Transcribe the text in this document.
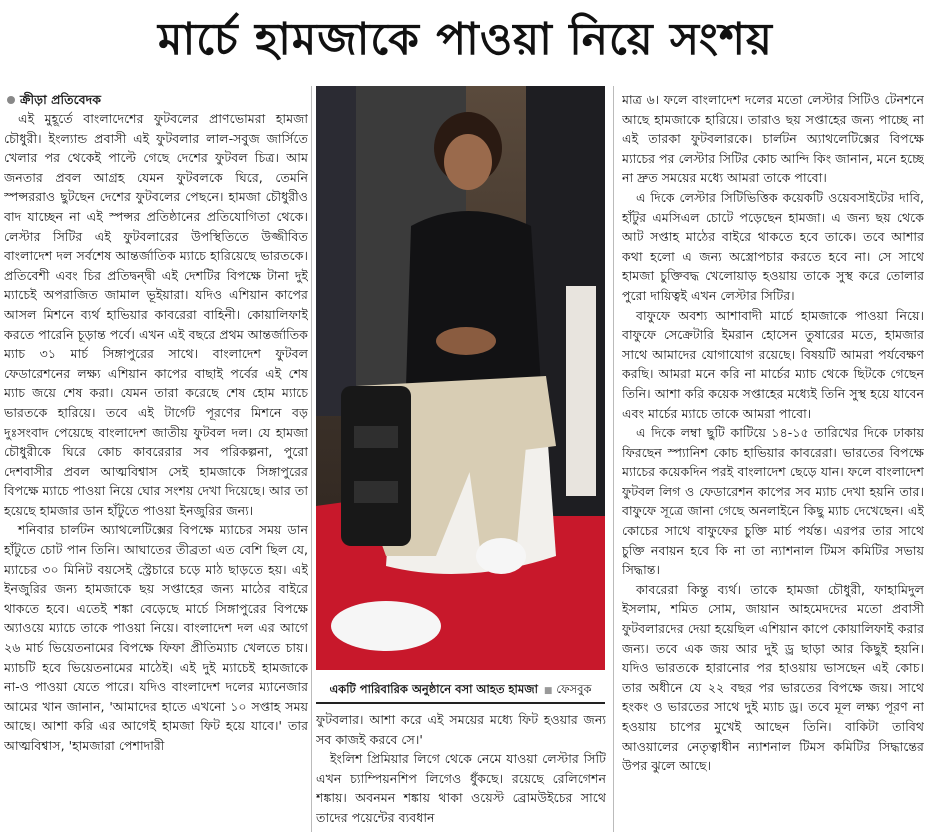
মার্চে হামজাকে পাওয়া নিয়ে সংশয়
ক্রীড়া প্রতিবেদক

এই মুহূর্তে বাংলাদেশের ফুটবলের প্রাণভোমরা হামজা চৌধুরী। ইংল্যান্ড প্রবাসী এই ফুটবলার লাল-সবুজ জার্সিতে খেলার পর থেকেই পাল্টে গেছে দেশের ফুটবল চিত্র। আম জনতার প্রবল আগ্রহ যেমন ফুটবলকে ঘিরে, তেমনি স্পন্সররাও ছুটছেন দেশের ফুটবলের পেছনে। হামজা চৌধুরীও বাদ যাচ্ছেন না এই স্পন্সর প্রতিষ্ঠানের প্রতিযোগিতা থেকে। লেস্টার সিটির এই ফুটবলারের উপস্থিতিতে উজ্জীবিত বাংলাদেশ দল সর্বশেষ আন্তর্জাতিক ম্যাচে হারিয়েছে ভারতকে। প্রতিবেশী এবং চির প্রতিদ্বন্দ্বী এই দেশটির বিপক্ষে টানা দুই ম্যাচেই অপরাজিত জামাল ভূইয়ারা। যদিও এশিয়ান কাপের আসল মিশনে ব্যর্থ হাভিয়ার কাবরেরা বাহিনী। কোয়ালিফাই করতে পারেনি চূড়ান্ত পর্বে। এখন এই বছরে প্রথম আন্তর্জাতিক ম্যাচ ৩১ মার্চ সিঙ্গাপুরের সাথে। বাংলাদেশ ফুটবল ফেডারেশনের লক্ষ্য এশিয়ান কাপের বাছাই পর্বের এই শেষ ম্যাচ জয়ে শেষ করা। যেমন তারা করেছে শেষ হোম ম্যাচে ভারতকে হারিয়ে। তবে এই টার্গেট পূরণের মিশনে বড় দুঃসংবাদ পেয়েছে বাংলাদেশ জাতীয় ফুটবল দল। যে হামজা চৌধুরীকে ঘিরে কোচ কাবরেরার সব পরিকল্পনা, পুরো দেশবাসীর প্রবল আত্মবিশ্বাস সেই হামজাকে সিঙ্গাপুরের বিপক্ষে ম্যাচে পাওয়া নিয়ে ঘোর সংশয় দেখা দিয়েছে। আর তা হয়েছে হামজার ডান হাঁটুতে পাওয়া ইনজুরির জন্য।

শনিবার চার্লটন অ্যাথলেটিক্সের বিপক্ষে ম্যাচের সময় ডান হাঁটুতে চোট পান তিনি। আঘাতের তীব্রতা এত বেশি ছিল যে, ম্যাচের ৩০ মিনিট বয়সেই স্ট্রেচারে চড়ে মাঠ ছাড়তে হয়। এই ইনজুরির জন্য হামজাকে ছয় সপ্তাহের জন্য মাঠের বাইরে থাকতে হবে। এতেই শঙ্কা বেড়েছে মার্চে সিঙ্গাপুরের বিপক্ষে অ্যাওয়ে ম্যাচে তাকে পাওয়া নিয়ে। বাংলাদেশ দল এর আগে ২৬ মার্চ ভিয়েতনামের বিপক্ষে ফিফা প্রীতিম্যাচ খেলতে চায়। ম্যাচটি হবে ভিয়েতনামের মাঠেই। এই দুই ম্যাচেই হামজাকে না-ও পাওয়া যেতে পারে। যদিও বাংলাদেশ দলের ম্যানেজার আমের খান জানান, 'আমাদের হাতে এখনো ১০ সপ্তাহ সময় আছে। আশা করি এর আগেই হামজা ফিট হয়ে যাবে।' তার আত্মবিশ্বাস, 'হামজারা পেশাদারী

একটি পারিবারিক অনুষ্ঠানে বসা আহত হামজা■ ফেসবুক

ফুটবলার। আশা করে এই সময়ের মধ্যে ফিট হওয়ার জন্য সব কাজই করবে সে।'

ইংলিশ প্রিমিয়ার লিগে থেকে নেমে যাওয়া লেস্টার সিটি এখন চ্যাম্পিয়নশিপ লিগেও ধুঁকছে। রয়েছে রেলিগেশন শঙ্কায়। অবনমন শঙ্কায় থাকা ওয়েস্ট ব্রোমউইচের সাথে তাদের পয়েন্টের ব্যবধান

মাত্র ৬। ফলে বাংলাদেশ দলের মতো লেস্টার সিটিও টেনশনে আছে হামজাকে হারিয়ে। তারাও ছয় সপ্তাহের জন্য পাচ্ছে না এই তারকা ফুটবলারকে। চার্লটন অ্যাথলেটিক্সের বিপক্ষে ম্যাচের পর লেস্টার সিটির কোচ আন্দি কিং জানান, মনে হচ্ছে না দ্রুত সময়ের মধ্যে আমরা তাকে পাবো।

এ দিকে লেস্টার সিটিভিত্তিক কয়েকটি ওয়েবসাইটের দাবি, হাঁটুর এমসিএল চোটে পড়েছেন হামজা। এ জন্য ছয় থেকে আট সপ্তাহ মাঠের বাইরে থাকতে হবে তাকে। তবে আশার কথা হলো এ জন্য অস্ত্রোপচার করতে হবে না। সে সাথে হামজা চুক্তিবদ্ধ খেলোয়াড় হওয়ায় তাকে সুস্থ করে তোলার পুরো দায়িত্বই এখন লেস্টার সিটির।

বাফুফে অবশ্য আশাবাদী মার্চে হামজাকে পাওয়া নিয়ে। বাফুফে সেক্রেটারি ইমরান হোসেন তুষারের মতে, হামজার সাথে আমাদের যোগাযোগ রয়েছে। বিষয়টি আমরা পর্যবেক্ষণ করছি। আমরা মনে করি না মার্চের ম্যাচ থেকে ছিটকে গেছেন তিনি। আশা করি কয়েক সপ্তাহের মধ্যেই তিনি সুস্থ হয়ে যাবেন এবং মার্চের ম্যাচে তাকে আমরা পাবো।

এ দিকে লম্বা ছুটি কাটিয়ে ১৪-১৫ তারিখের দিকে ঢাকায় ফিরছেন স্প্যানিশ কোচ হাভিয়ার কাবরেরা। ভারতের বিপক্ষে ম্যাচের কয়েকদিন পরই বাংলাদেশ ছেড়ে যান। ফলে বাংলাদেশ ফুটবল লিগ ও ফেডারেশন কাপের সব ম্যাচ দেখা হয়নি তার। বাফুফে সূত্রে জানা গেছে অনলাইনে কিছু ম্যাচ দেখেছেন। এই কোচের সাথে বাফুফের চুক্তি মার্চ পর্যন্ত। এরপর তার সাথে চুক্তি নবায়ন হবে কি না তা ন্যাশনাল টিমস কমিটির সভায় সিদ্ধান্ত।

কাবরেরা কিন্তু ব্যর্থ। তাকে হামজা চৌধুরী, ফাহামিদুল ইসলাম, শমিত সোম, জায়ান আহমেদদের মতো প্রবাসী ফুটবলারদের দেয়া হয়েছিল এশিয়ান কাপে কোয়ালিফাই করার জন্য। তবে এক জয় আর দুই ড্র ছাড়া আর কিছুই হয়নি। যদিও ভারতকে হারানোর পর হাওয়ায় ভাসছেন এই কোচ। তার অধীনে যে ২২ বছর পর ভারতের বিপক্ষে জয়। সাথে হংকং ও ভারতের সাথে দুই ম্যাচ ড্র। তবে মূল লক্ষ্য পূরণ না হওয়ায় চাপের মুখেই আছেন তিনি। বাকিটা তাবিথ আওয়ালের নেতৃত্বাধীন ন্যাশনাল টিমস কমিটির সিদ্ধান্তের উপর ঝুলে আছে।
